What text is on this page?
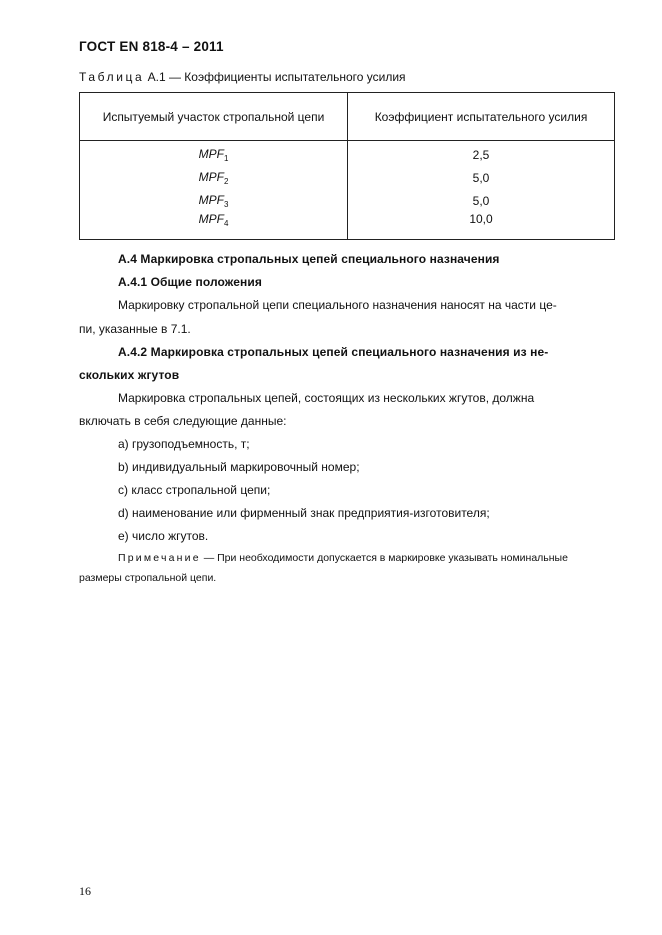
ГОСТ EN 818-4 – 2011
Таблица А.1 — Коэффициенты испытательного усилия
Испытуемый участок стропальной цепи	Коэффициент испытательного усилия
$MPF_1$	2,5
$MPF_2$	5,0
$MPF_3$	5,0
$MPF_4$	10,0
А.4 Маркировка стропальных цепей специального назначения
А.4.1 Общие положения
Маркировку стропальной цепи специального назначения наносят на части це-
пи, указанные в 7.1.
А.4.2 Маркировка стропальных цепей специального назначения из не-
скольких жгутов
Маркировка стропальных цепей, состоящих из нескольких жгутов, должна
включать в себя следующие данные:
a) грузоподъемность, т;
b) индивидуальный маркировочный номер;
c) класс стропальной цепи;
d) наименование или фирменный знак предприятия-изготовителя;
e) число жгутов.
Примечание — При необходимости допускается в маркировке указывать номинальные
размеры стропальной цепи.
16
